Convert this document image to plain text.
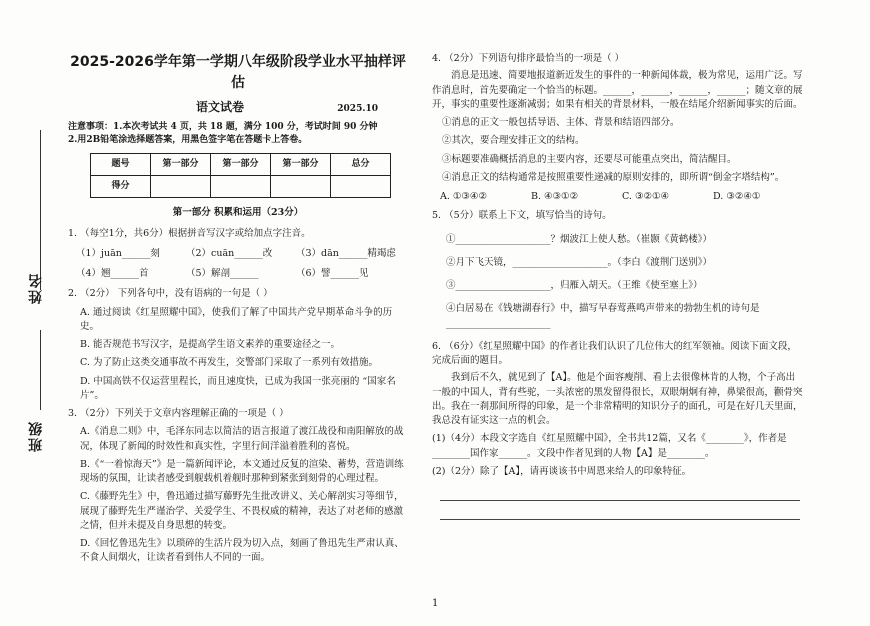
姓名
班级
2025-2026学年第一学期八年级阶段学业水平抽样评估
语文试卷	2025.10
注意事项：1.本次考试共 4 页，共 18 题，满分 100 分，考试时间 90 分钟
2.用2B铅笔涂选择题答案，用黑色签字笔在答题卡上答卷。
题号	第一部分	第一部分	第一部分	总分
得分				
第一部分 积累和运用（23分）
1. （每空1分，共6分）根据拼音写汉字或给加点字注音。
（1）juān______刻	（2）cuān______改	（3）dān______精竭虑
（4）翘______首	（5）解剖______	（6）譬______见
2. （2分） 下列各句中，没有语病的一句是（ ）
A. 通过阅读《红星照耀中国》，使我们了解了中国共产党早期革命斗争的历史。
B. 能否规范书写汉字，是提高学生语文素养的重要途径之一。
C. 为了防止这类交通事故不再发生，交警部门采取了一系列有效措施。
D. 中国高铁不仅运营里程长，而且速度快，已成为我国一张亮丽的 “国家名片”。
3. （2分）下列关于文章内容理解正确的一项是（ ）
A.《消息二则》中，毛泽东同志以简洁的语言报道了渡江战役和南阳解放的战况，体现了新闻的时效性和真实性，字里行间洋溢着胜利的喜悦。
B.《“一着惊海天”》是一篇新闻评论，本文通过反复的渲染、蓄势，营造训练现场的氛围，让读者感受到舰载机着舰时那种到紧张到刻骨的心理过程。
C.《藤野先生》中，鲁迅通过描写藤野先生批改讲义、关心解剖实习等细节，展现了藤野先生严谨治学、关爱学生、不畏权威的精神，表达了对老师的感激之情，但并未提及自身思想的转变。
D.《回忆鲁迅先生》以琐碎的生活片段为切入点，刻画了鲁迅先生严肃认真、不食人间烟火，让读者看到伟人不同的一面。
4. （2分）下列语句排序最恰当的一项是（ ）
消息是迅速、简要地报道新近发生的事件的一种新闻体裁，极为常见，运用广泛。写作消息时，首先要确定一个恰当的标题。______，______，______，______；随文章的展开，事实的重要性逐渐减弱；如果有相关的背景材料，一般在结尾介绍新闻事实的后面。
①消息的正文一般包括导语、主体、背景和结语四部分。
②其次，要合理安排正文的结构。
③标题要准确概括消息的主要内容，还要尽可能重点突出，简洁醒目。
④消息正文的结构通常是按照重要性递减的原则安排的，即所谓“倒金字塔结构”。
A. ①③④②	B. ④③①②	C. ③②①④	D. ③②④①
5. （5分）联系上下文，填写恰当的诗句。
①____________________？烟波江上使人愁。（崔颢《黄鹤楼》）
②月下飞天镜，____________________。（李白《渡荆门送别》）
③____________________，归雁入胡天。（王维《使至塞上》）
④白居易在《钱塘湖春行》中，描写早春莺燕鸣声带来的勃勃生机的诗句是______________________
6. （6分）《红星照耀中国》的作者让我们认识了几位伟大的红军领袖。阅读下面文段，完成后面的题目。
我到后不久，就见到了【A】。他是个面容瘦削、看上去很像林肯的人物，个子高出一般的中国人，背有些驼，一头浓密的黑发留得很长，双眼炯炯有神，鼻梁很高，颧骨突出。我在一刹那间所得的印象，是一个非常精明的知识分子的面孔，可是在好几天里面，我总没有证实这一点的机会。
(1)（4分）本段文字选自《红星照耀中国》，全书共12篇，又名《________》，作者是________国作家______。文段中作者见到的人物【A】是________。
(2)（2分）除了【A】，请再谈该书中周恩来给人的印象特征。
1
